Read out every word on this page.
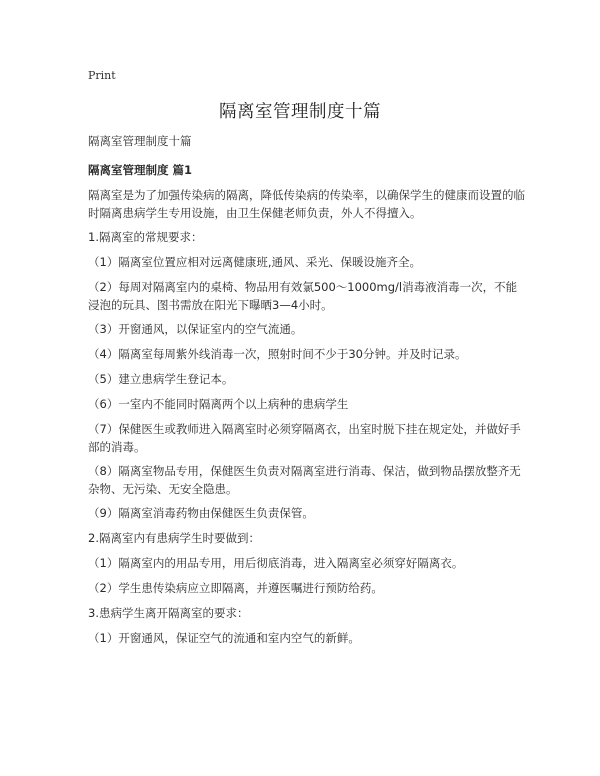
Print
隔离室管理制度十篇

隔离室管理制度十篇

隔离室管理制度 篇1

隔离室是为了加强传染病的隔离，降低传染病的传染率，以确保学生的健康而设置的临时隔离患病学生专用设施，由卫生保健老师负责，外人不得擅入。

1.隔离室的常规要求：

（1）隔离室位置应相对远离健康班,通风、采光、保暖设施齐全。

（2）每周对隔离室内的桌椅、物品用有效氯500～1000mg/l消毒液消毒一次，不能浸泡的玩具、图书需放在阳光下曝晒3—4小时。

（3）开窗通风，以保证室内的空气流通。

（4）隔离室每周紫外线消毒一次，照射时间不少于30分钟。并及时记录。

（5）建立患病学生登记本。

（6）一室内不能同时隔离两个以上病种的患病学生

（7）保健医生或教师进入隔离室时必须穿隔离衣，出室时脱下挂在规定处，并做好手部的消毒。

（8）隔离室物品专用，保健医生负责对隔离室进行消毒、保洁，做到物品摆放整齐无杂物、无污染、无安全隐患。

（9）隔离室消毒药物由保健医生负责保管。

2.隔离室内有患病学生时要做到：

（1）隔离室内的用品专用，用后彻底消毒，进入隔离室必须穿好隔离衣。

（2）学生患传染病应立即隔离，并遵医嘱进行预防给药。

3.患病学生离开隔离室的要求：

（1）开窗通风，保证空气的流通和室内空气的新鲜。
